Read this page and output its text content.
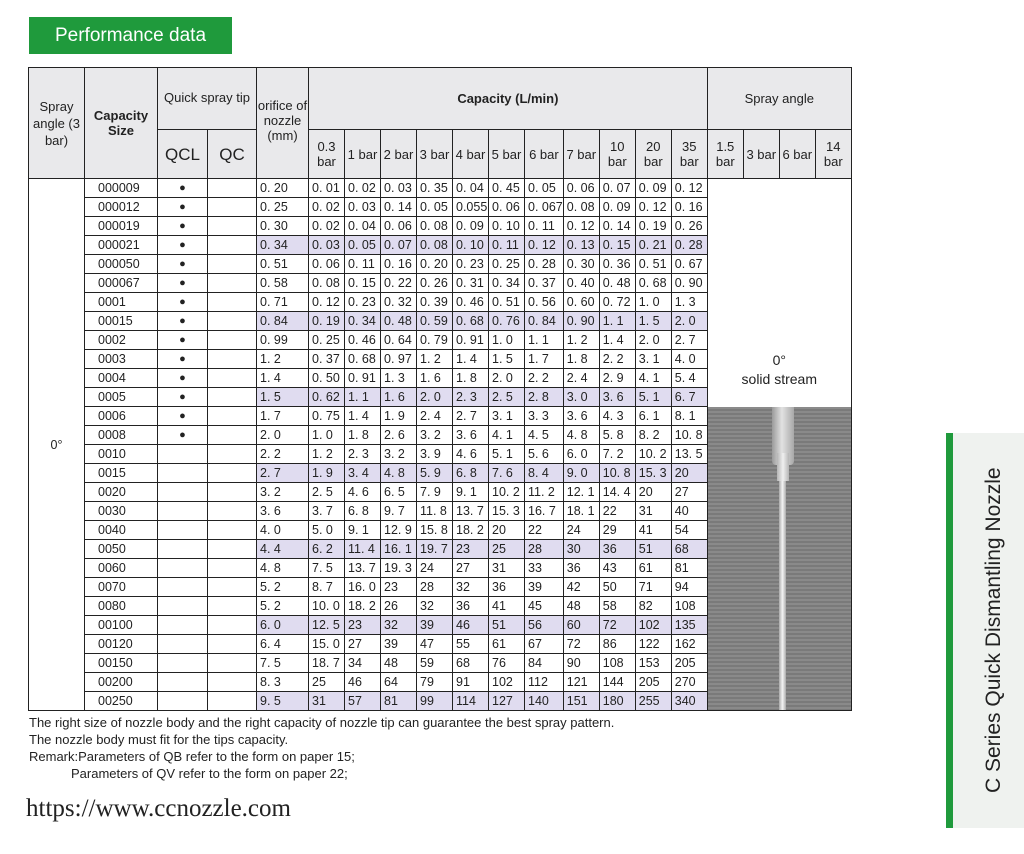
Performance data
Spray angle (3 bar)	Capacity Size	Quick spray tip		orifice of nozzle (mm)	Capacity (L/min)											Spray angle			
		QCL	QC		0.3 bar	1 bar	2 bar	3 bar	4 bar	5 bar	6 bar	7 bar	10 bar	20 bar	35 bar	1.5 bar	3 bar	6 bar	14 bar

0°	000009	●		0. 20	0. 01	0. 02	0. 03	0. 35	0. 04	0. 45	0. 05	0. 06	0. 07	0. 09	0. 12	0°
solid stream			

	000012	●		0. 25	0. 02	0. 03	0. 14	0. 05	0.055	0. 06	0. 067	0. 08	0. 09	0. 12	0. 16				
	000019	●		0. 30	0. 02	0. 04	0. 06	0. 08	0. 09	0. 10	0. 11	0. 12	0. 14	0. 19	0. 26				
	000021	●		0. 34	0. 03	0. 05	0. 07	0. 08	0. 10	0. 11	0. 12	0. 13	0. 15	0. 21	0. 28				
	000050	●		0. 51	0. 06	0. 11	0. 16	0. 20	0. 23	0. 25	0. 28	0. 30	0. 36	0. 51	0. 67				
	000067	●		0. 58	0. 08	0. 15	0. 22	0. 26	0. 31	0. 34	0. 37	0. 40	0. 48	0. 68	0. 90				
	0001	●		0. 71	0. 12	0. 23	0. 32	0. 39	0. 46	0. 51	0. 56	0. 60	0. 72	1. 0	1. 3				
	00015	●		0. 84	0. 19	0. 34	0. 48	0. 59	0. 68	0. 76	0. 84	0. 90	1. 1	1. 5	2. 0				
	0002	●		0. 99	0. 25	0. 46	0. 64	0. 79	0. 91	1. 0	1. 1	1. 2	1. 4	2. 0	2. 7				
	0003	●		1. 2	0. 37	0. 68	0. 97	1. 2	1. 4	1. 5	1. 7	1. 8	2. 2	3. 1	4. 0				
	0004	●		1. 4	0. 50	0. 91	1. 3	1. 6	1. 8	2. 0	2. 2	2. 4	2. 9	4. 1	5. 4				
	0005	●		1. 5	0. 62	1. 1	1. 6	2. 0	2. 3	2. 5	2. 8	3. 0	3. 6	5. 1	6. 7				
	0006	●		1. 7	0. 75	1. 4	1. 9	2. 4	2. 7	3. 1	3. 3	3. 6	4. 3	6. 1	8. 1				
	0008	●		2. 0	1. 0	1. 8	2. 6	3. 2	3. 6	4. 1	4. 5	4. 8	5. 8	8. 2	10. 8				
	0010			2. 2	1. 2	2. 3	3. 2	3. 9	4. 6	5. 1	5. 6	6. 0	7. 2	10. 2	13. 5				
	0015			2. 7	1. 9	3. 4	4. 8	5. 9	6. 8	7. 6	8. 4	9. 0	10. 8	15. 3	20				
	0020			3. 2	2. 5	4. 6	6. 5	7. 9	9. 1	10. 2	11. 2	12. 1	14. 4	20	27				
	0030			3. 6	3. 7	6. 8	9. 7	11. 8	13. 7	15. 3	16. 7	18. 1	22	31	40				
	0040			4. 0	5. 0	9. 1	12. 9	15. 8	18. 2	20	22	24	29	41	54				
	0050			4. 4	6. 2	11. 4	16. 1	19. 7	23	25	28	30	36	51	68				
	0060			4. 8	7. 5	13. 7	19. 3	24	27	31	33	36	43	61	81				
	0070			5. 2	8. 7	16. 0	23	28	32	36	39	42	50	71	94				
	0080			5. 2	10. 0	18. 2	26	32	36	41	45	48	58	82	108				
	00100			6. 0	12. 5	23	32	39	46	51	56	60	72	102	135				
	00120			6. 4	15. 0	27	39	47	55	61	67	72	86	122	162				
	00150			7. 5	18. 7	34	48	59	68	76	84	90	108	153	205				
	00200			8. 3	25	46	64	79	91	102	112	121	144	205	270				
	00250			9. 5	31	57	81	99	114	127	140	151	180	255	340				
The right size of nozzle body and the right capacity of nozzle tip can guarantee the best spray pattern.
The nozzle body must fit for the tips capacity.
Remark:Parameters of QB refer to the form on paper 15;
Parameters of QV refer to the form on paper 22;
https://www.ccnozzle.com
C Series Quick Dismantling Nozzle
